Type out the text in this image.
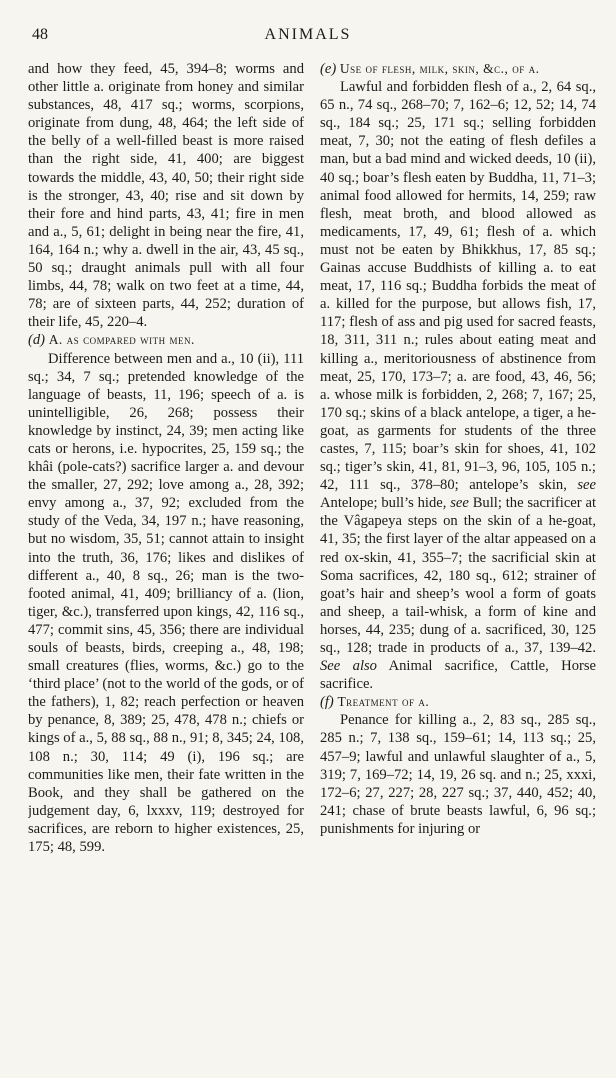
48	ANIMALS

and how they feed, 45, 394–8; worms and other little a. originate from honey and similar substances, 48, 417 sq.; worms, scorpions, originate from dung, 48, 464; the left side of the belly of a well-filled beast is more raised than the right side, 41, 400; are biggest towards the middle, 43, 40, 50; their right side is the stronger, 43, 40; rise and sit down by their fore and hind parts, 43, 41; fire in men and a., 5, 61; delight in being near the fire, 41, 164, 164 n.; why a. dwell in the air, 43, 45 sq., 50 sq.; draught animals pull with all four limbs, 44, 78; walk on two feet at a time, 44, 78; are of sixteen parts, 44, 252; duration of their life, 45, 220–4.

(d) A. as compared with men.

Difference between men and a., 10 (ii), 111 sq.; 34, 7 sq.; pretended knowledge of the language of beasts, 11, 196; speech of a. is unintelligible, 26, 268; possess their knowledge by instinct, 24, 39; men acting like cats or herons, i.e. hypocrites, 25, 159 sq.; the khâi (pole-cats?) sacrifice larger a. and devour the smaller, 27, 292; love among a., 28, 392; envy among a., 37, 92; excluded from the study of the Veda, 34, 197 n.; have reasoning, but no wisdom, 35, 51; cannot attain to insight into the truth, 36, 176; likes and dislikes of different a., 40, 8 sq., 26; man is the two-footed animal, 41, 409; brilliancy of a. (lion, tiger, &c.), transferred upon kings, 42, 116 sq., 477; commit sins, 45, 356; there are individual souls of beasts, birds, creeping a., 48, 198; small creatures (flies, worms, &c.) go to the ‘third place’ (not to the world of the gods, or of the fathers), 1, 82; reach perfection or heaven by penance, 8, 389; 25, 478, 478 n.; chiefs or kings of a., 5, 88 sq., 88 n., 91; 8, 345; 24, 108, 108 n.; 30, 114; 49 (i), 196 sq.; are communities like men, their fate written in the Book, and they shall be gathered on the judgement day, 6, lxxxv, 119; destroyed for sacrifices, are reborn to higher existences, 25, 175; 48, 599.

(e) Use of flesh, milk, skin, &c., of a.

Lawful and forbidden flesh of a., 2, 64 sq., 65 n., 74 sq., 268–70; 7, 162–6; 12, 52; 14, 74 sq., 184 sq.; 25, 171 sq.; selling forbidden meat, 7, 30; not the eating of flesh defiles a man, but a bad mind and wicked deeds, 10 (ii), 40 sq.; boar’s flesh eaten by Buddha, 11, 71–3; animal food allowed for hermits, 14, 259; raw flesh, meat broth, and blood allowed as medicaments, 17, 49, 61; flesh of a. which must not be eaten by Bhikkhus, 17, 85 sq.; Gainas accuse Buddhists of killing a. to eat meat, 17, 116 sq.; Buddha forbids the meat of a. killed for the purpose, but allows fish, 17, 117; flesh of ass and pig used for sacred feasts, 18, 311, 311 n.; rules about eating meat and killing a., meritoriousness of abstinence from meat, 25, 170, 173–7; a. are food, 43, 46, 56; a. whose milk is forbidden, 2, 268; 7, 167; 25, 170 sq.; skins of a black antelope, a tiger, a he-goat, as garments for students of the three castes, 7, 115; boar’s skin for shoes, 41, 102 sq.; tiger’s skin, 41, 81, 91–3, 96, 105, 105 n.; 42, 111 sq., 378–80; antelope’s skin, see Antelope; bull’s hide, see Bull; the sacrificer at the Vâgapeya steps on the skin of a he-goat, 41, 35; the first layer of the altar appeased on a red ox-skin, 41, 355–7; the sacrificial skin at Soma sacrifices, 42, 180 sq., 612; strainer of goat’s hair and sheep’s wool a form of goats and sheep, a tail-whisk, a form of kine and horses, 44, 235; dung of a. sacrificed, 30, 125 sq., 128; trade in products of a., 37, 139–42. See also Animal sacrifice, Cattle, Horse sacrifice.

(f) Treatment of a.

Penance for killing a., 2, 83 sq., 285 sq., 285 n.; 7, 138 sq., 159–61; 14, 113 sq.; 25, 457–9; lawful and unlawful slaughter of a., 5, 319; 7, 169–72; 14, 19, 26 sq. and n.; 25, xxxi, 172–6; 27, 227; 28, 227 sq.; 37, 440, 452; 40, 241; chase of brute beasts lawful, 6, 96 sq.; punishments for injuring or
